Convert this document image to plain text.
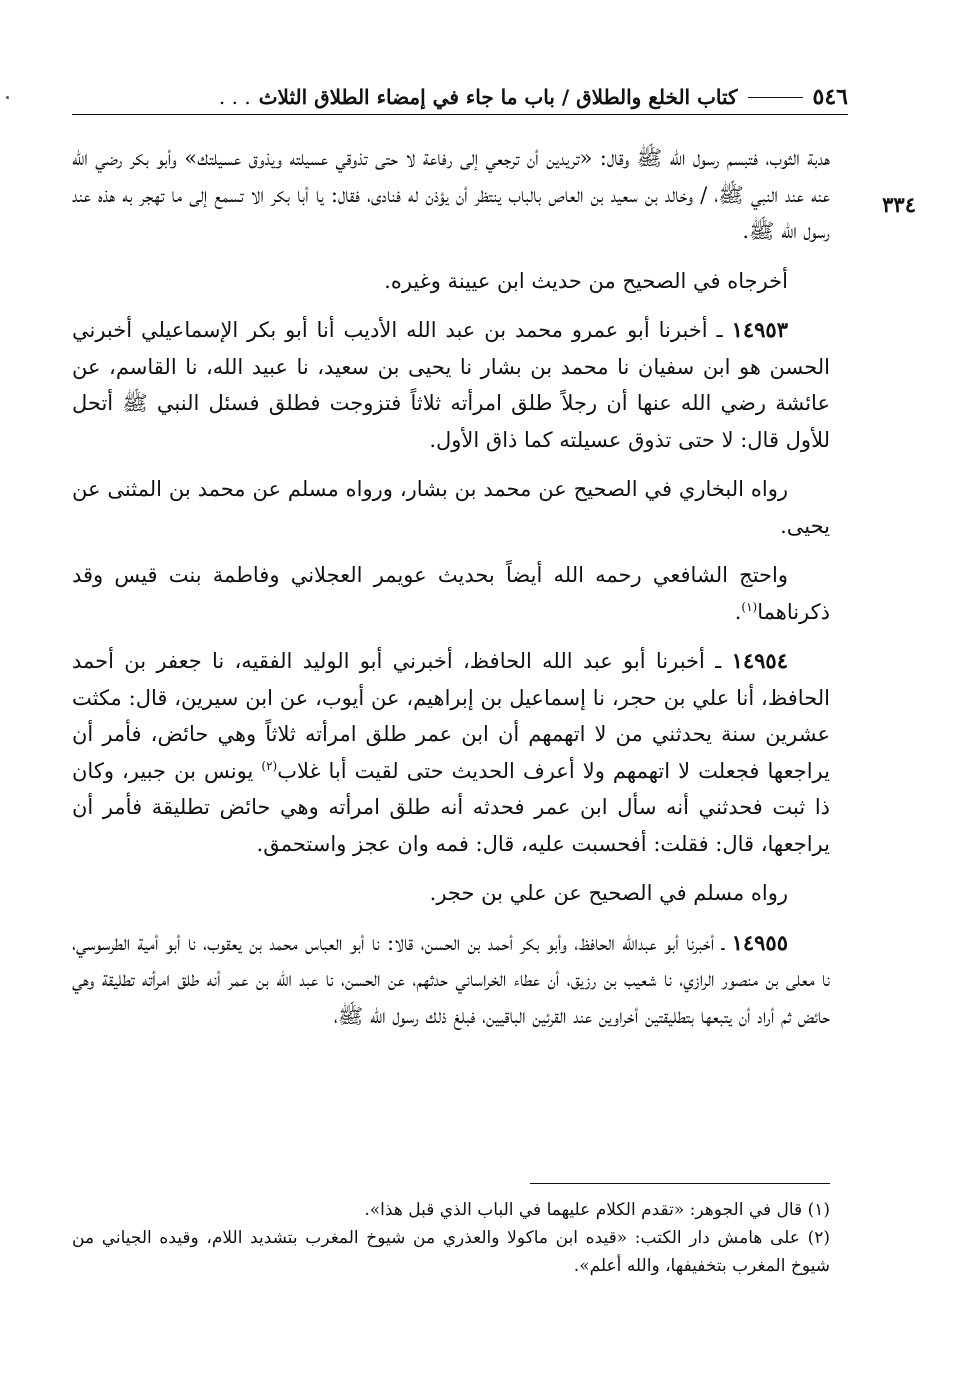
٥٤٦
كتاب الخلع والطلاق / باب ما جاء في إمضاء الطلاق الثلاث
. . .
٣٣٤

هدبة الثوب، فتبسم رسول الله ﷺ وقال: «تريدين أن ترجعي إلى رفاعة لا حتى تذوقي عسيلته ويذوق عسيلتك» وأبو بكر رضي الله عنه عند النبي ﷺ، / وخالد بن سعيد بن العاص بالباب ينتظر أن يؤذن له فنادى، فقال: يا أبا بكر الا تسمع إلى ما تهجر به هذه عند رسول الله ﷺ.

أخرجاه في الصحيح من حديث ابن عيينة وغيره.

١٤٩٥٣ ـ أخبرنا أبو عمرو محمد بن عبد الله الأديب أنا أبو بكر الإسماعيلي أخبرني الحسن هو ابن سفيان نا محمد بن بشار نا يحيى بن سعيد، نا عبيد الله، نا القاسم، عن عائشة رضي الله عنها أن رجلاً طلق امرأته ثلاثاً فتزوجت فطلق فسئل النبي ﷺ أتحل للأول قال: لا حتى تذوق عسيلته كما ذاق الأول.

رواه البخاري في الصحيح عن محمد بن بشار، ورواه مسلم عن محمد بن المثنى عن يحيى.

واحتج الشافعي رحمه الله أيضاً بحديث عويمر العجلاني وفاطمة بنت قيس وقد ذكرناهما$^{(١)}$.

١٤٩٥٤ ـ أخبرنا أبو عبد الله الحافظ، أخبرني أبو الوليد الفقيه، نا جعفر بن أحمد الحافظ، أنا علي بن حجر، نا إسماعيل بن إبراهيم، عن أيوب، عن ابن سيرين، قال: مكثت عشرين سنة يحدثني من لا اتهمهم أن ابن عمر طلق امرأته ثلاثاً وهي حائض، فأمر أن يراجعها فجعلت لا اتهمهم ولا أعرف الحديث حتى لقيت أبا غلاب$^{(٢)}$ يونس بن جبير، وكان ذا ثبت فحدثني أنه سأل ابن عمر فحدثه أنه طلق امرأته وهي حائض تطليقة فأمر أن يراجعها، قال: فقلت: أفحسبت عليه، قال: فمه وان عجز واستحمق.

رواه مسلم في الصحيح عن علي بن حجر.

١٤٩٥٥ ـ أخبرنا أبو عبدالله الحافظ، وأبو بكر أحمد بن الحسن، قالا: نا أبو العباس محمد بن يعقوب، نا أبو أمية الطرسوسي، نا معلى بن منصور الرازي، نا شعيب بن رزيق، أن عطاء الخراساني حدثهم، عن الحسن، نا عبد الله بن عمر أنه طلق امرأته تطليقة وهي حائض ثم أراد أن يتبعها بتطليقتين أخراوين عند القرئين الباقيين، فبلغ ذلك رسول الله ﷺ،

(١) قال في الجوهر: «تقدم الكلام عليهما في الباب الذي قبل هذا».

(٢) على هامش دار الكتب: «قيده ابن ماكولا والعذري من شيوخ المغرب بتشديد اللام، وقيده الجياني من شيوخ المغرب بتخفيفها، والله أعلم».
